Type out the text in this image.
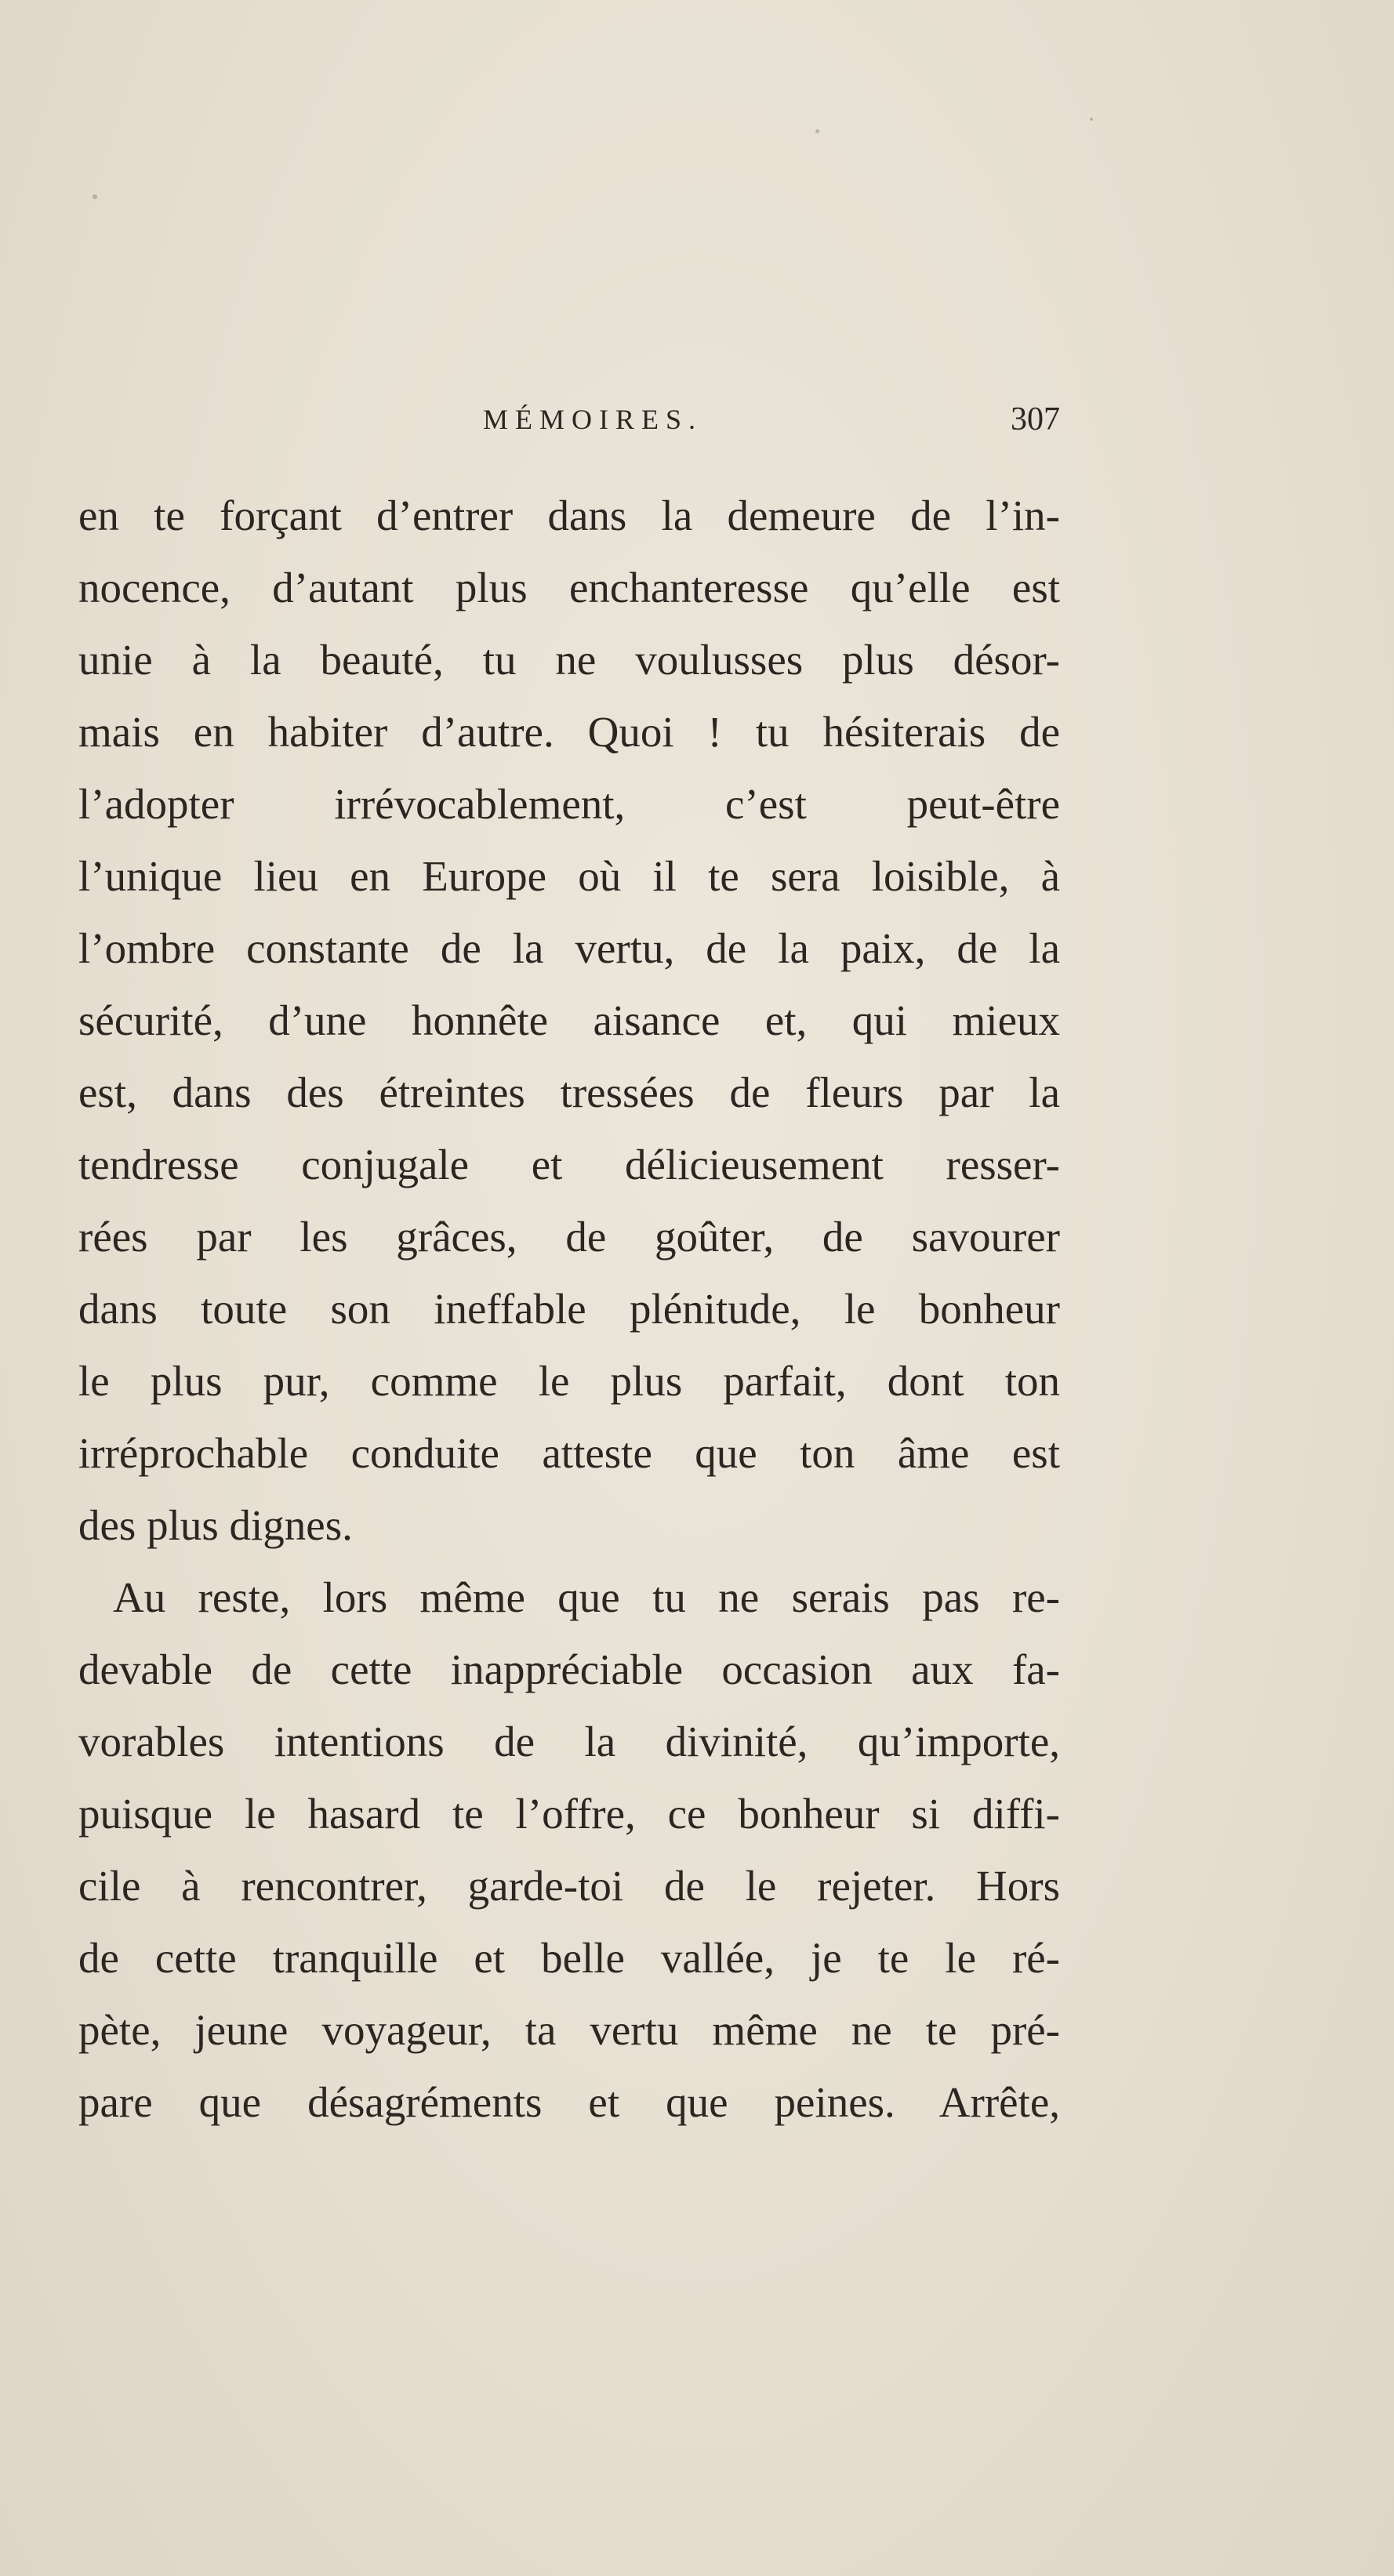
MÉMOIRES.	307
en te forçant d’entrer dans la demeure de l’in-
nocence, d’autant plus enchanteresse qu’elle est
unie à la beauté, tu ne voulusses plus désor-
mais en habiter d’autre. Quoi ! tu hésiterais de
l’adopter irrévocablement, c’est peut-être
l’unique lieu en Europe où il te sera loisible, à
l’ombre constante de la vertu, de la paix, de la
sécurité, d’une honnête aisance et, qui mieux
est, dans des étreintes tressées de fleurs par la
tendresse conjugale et délicieusement resser-
rées par les grâces, de goûter, de savourer
dans toute son ineffable plénitude, le bonheur
le plus pur, comme le plus parfait, dont ton
irréprochable conduite atteste que ton âme est
des plus dignes.
Au reste, lors même que tu ne serais pas re-
devable de cette inappréciable occasion aux fa-
vorables intentions de la divinité, qu’importe,
puisque le hasard te l’offre, ce bonheur si diffi-
cile à rencontrer, garde-toi de le rejeter. Hors
de cette tranquille et belle vallée, je te le ré-
pète, jeune voyageur, ta vertu même ne te pré-
pare que désagréments et que peines. Arrête,
